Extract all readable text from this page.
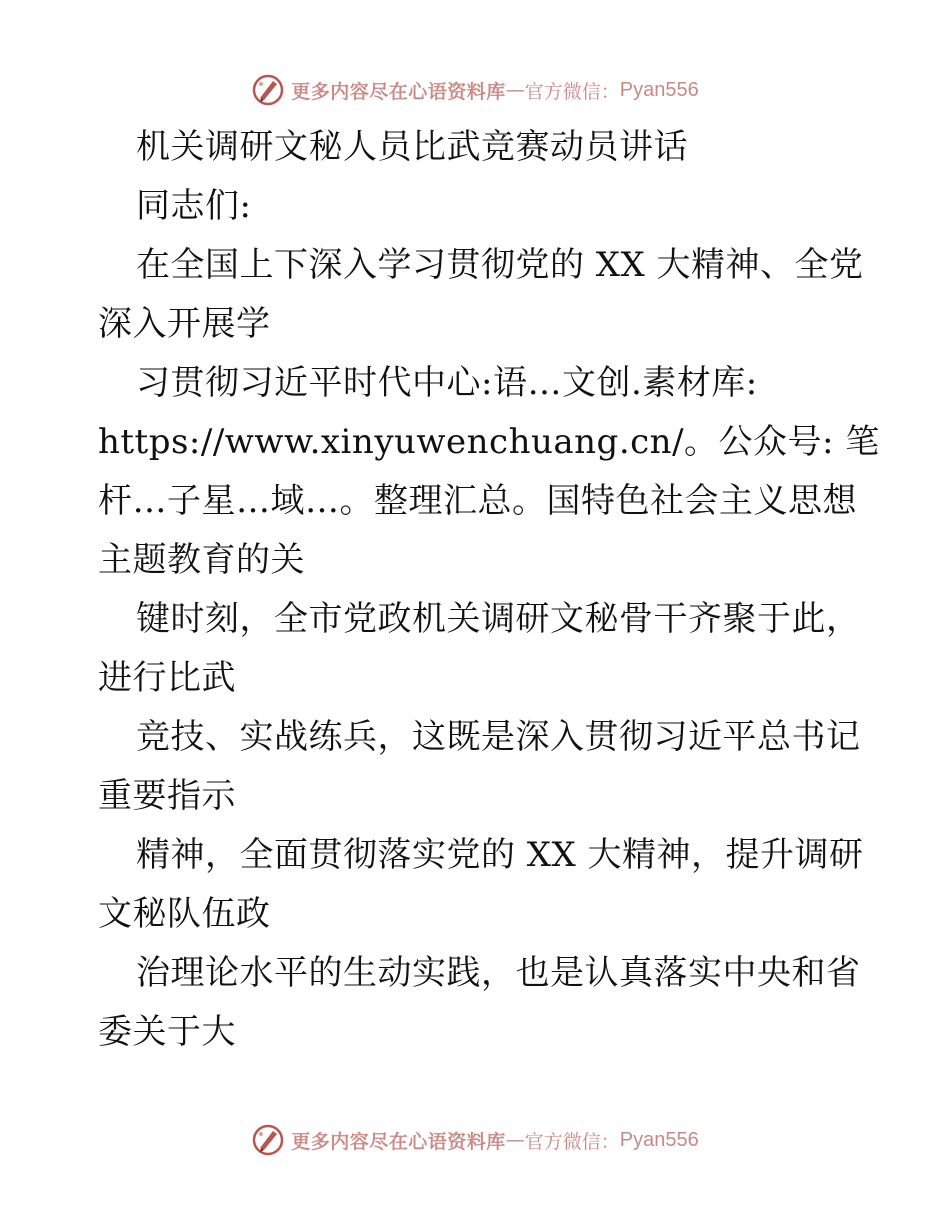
更多内容尽在心语资料库 — 官方微信： Pyan556
机关调研文秘人员比武竞赛动员讲话
同志们:
在全国上下深入学习贯彻党的 XX 大精神、全党
深入开展学
习贯彻习近平时代中心:语…文创.素材库:
https://www.xinyuwenchuang.cn/。公众号: 笔
杆…子星…域…。整理汇总。国特色社会主义思想
主题教育的关
键时刻，全市党政机关调研文秘骨干齐聚于此，
进行比武
竞技、实战练兵，这既是深入贯彻习近平总书记
重要指示
精神，全面贯彻落实党的 XX 大精神，提升调研
文秘队伍政
治理论水平的生动实践，也是认真落实中央和省
委关于大
更多内容尽在心语资料库 — 官方微信： Pyan556
